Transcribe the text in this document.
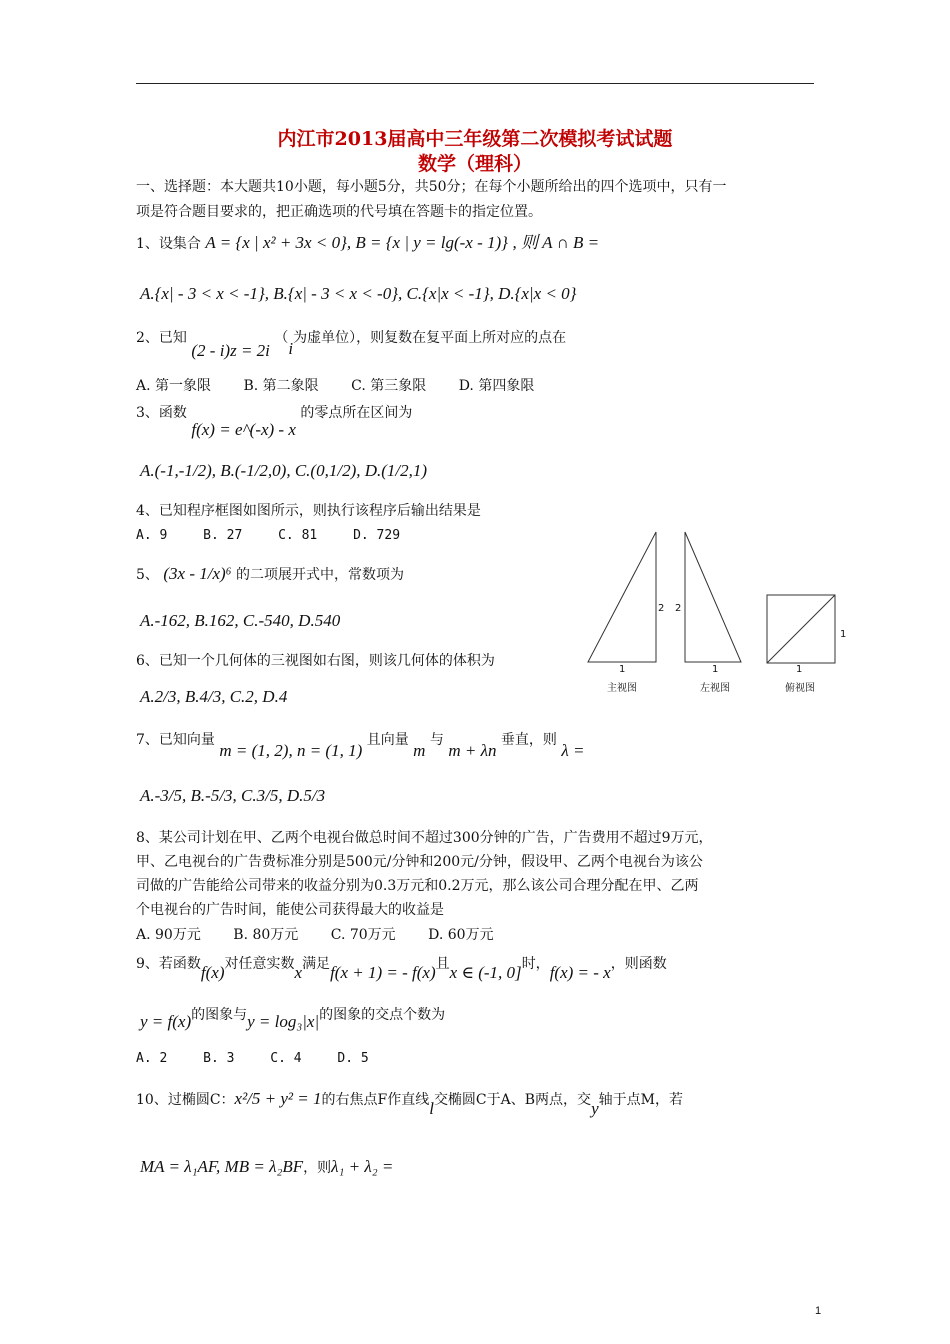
内江市2013届高中三年级第二次模拟考试试题
数学（理科）
一、选择题：本大题共10小题，每小题5分，共50分；在每个小题所给出的四个选项中，只有一
项是符合题目要求的，把正确选项的代号填在答题卡的指定位置。
1、设集合 A = {x | x² + 3x < 0}, B = {x | y = lg(-x - 1)} , 则 A ∩ B =
A.{x| - 3 < x < -1}, B.{x| - 3 < x < -0}, C.{x|x < -1}, D.{x|x < 0}
2、已知 (2 - i)z = 2i （i为虚单位），则复数在复平面上所对应的点在
A. 第一象限 B. 第二象限 C. 第三象限 D. 第四象限
3、函数 f(x) = e^(-x) - x 的零点所在区间为
A.(-1,-1/2), B.(-1/2,0), C.(0,1/2), D.(1/2,1)
4、已知程序框图如图所示，则执行该程序后输出结果是
A. 9	B. 27	C. 81	D. 729
5、 (3x - 1/x)⁶ 的二项展开式中，常数项为
A.-162, B.162, C.-540, D.540
6、已知一个几何体的三视图如右图，则该几何体的体积为
A.2/3, B.4/3, C.2, D.4
2
1
主视图
2
1
左视图
1
1
俯视图
7、已知向量 m = (1, 2), n = (1, 1) 且向量 m 与 m + λn 垂直，则 λ =
A.-3/5, B.-5/3, C.3/5, D.5/3
8、某公司计划在甲、乙两个电视台做总时间不超过300分钟的广告，广告费用不超过9万元，
甲、乙电视台的广告费标准分别是500元/分钟和200元/分钟，假设甲、乙两个电视台为该公
司做的广告能给公司带来的收益分别为0.3万元和0.2万元，那么该公司合理分配在甲、乙两
个电视台的广告时间，能使公司获得最大的收益是
A. 90万元 B. 80万元 C. 70万元 D. 60万元
9、若函数f(x)对任意实数x满足f(x + 1) = - f(x)且x ∈ (-1, 0]时，f(x) = - x，则函数
y = f(x)的图象与y = log₃|x|的图象的交点个数为
A. 2	B. 3	C. 4	D. 5
10、过椭圆C：x²/5 + y² = 1的右焦点F作直线l交椭圆C于A、B两点，交y轴于点M，若
MA = λ₁AF, MB = λ₂BF，则λ₁ + λ₂ =
1
